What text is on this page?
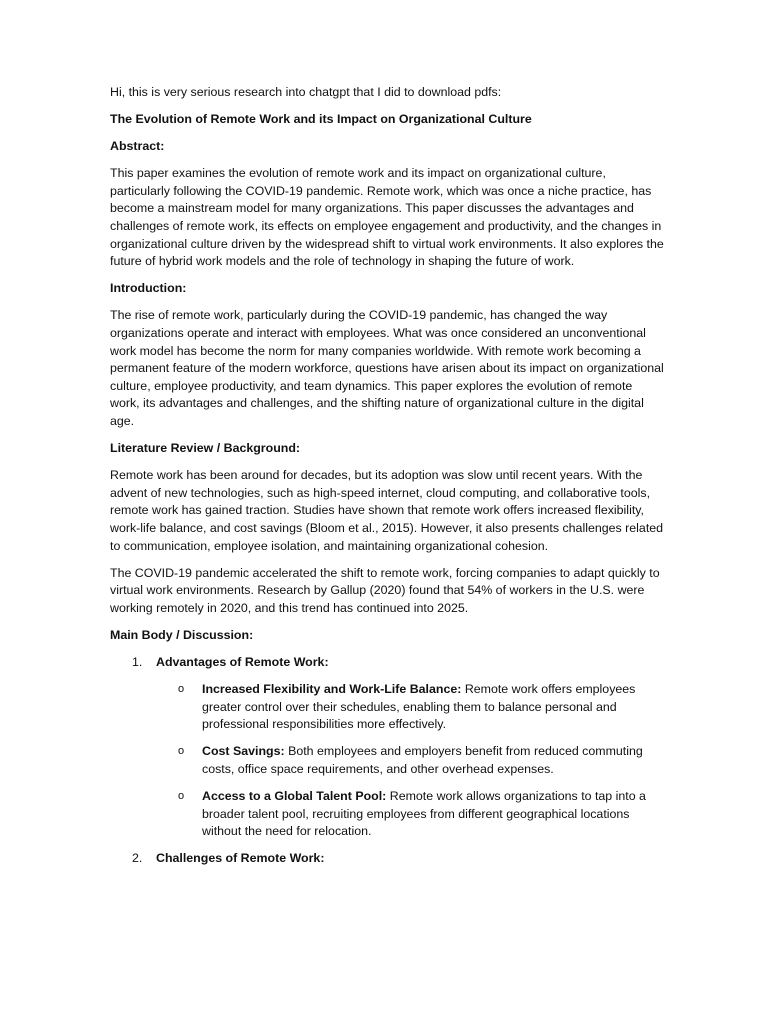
Hi, this is very serious research into chatgpt that I did to download pdfs:

The Evolution of Remote Work and its Impact on Organizational Culture

Abstract:

This paper examines the evolution of remote work and its impact on organizational culture, particularly following the COVID-19 pandemic. Remote work, which was once a niche practice, has become a mainstream model for many organizations. This paper discusses the advantages and challenges of remote work, its effects on employee engagement and productivity, and the changes in organizational culture driven by the widespread shift to virtual work environments. It also explores the future of hybrid work models and the role of technology in shaping the future of work.

Introduction:

The rise of remote work, particularly during the COVID-19 pandemic, has changed the way organizations operate and interact with employees. What was once considered an unconventional work model has become the norm for many companies worldwide. With remote work becoming a permanent feature of the modern workforce, questions have arisen about its impact on organizational culture, employee productivity, and team dynamics. This paper explores the evolution of remote work, its advantages and challenges, and the shifting nature of organizational culture in the digital age.

Literature Review / Background:

Remote work has been around for decades, but its adoption was slow until recent years. With the advent of new technologies, such as high-speed internet, cloud computing, and collaborative tools, remote work has gained traction. Studies have shown that remote work offers increased flexibility, work-life balance, and cost savings (Bloom et al., 2015). However, it also presents challenges related to communication, employee isolation, and maintaining organizational cohesion.

The COVID-19 pandemic accelerated the shift to remote work, forcing companies to adapt quickly to virtual work environments. Research by Gallup (2020) found that 54% of workers in the U.S. were working remotely in 2020, and this trend has continued into 2025.

Main Body / Discussion:

1. Advantages of Remote Work:
o Increased Flexibility and Work-Life Balance: Remote work offers employees greater control over their schedules, enabling them to balance personal and professional responsibilities more effectively.
o Cost Savings: Both employees and employers benefit from reduced commuting costs, office space requirements, and other overhead expenses.
o Access to a Global Talent Pool: Remote work allows organizations to tap into a broader talent pool, recruiting employees from different geographical locations without the need for relocation.
2. Challenges of Remote Work:
